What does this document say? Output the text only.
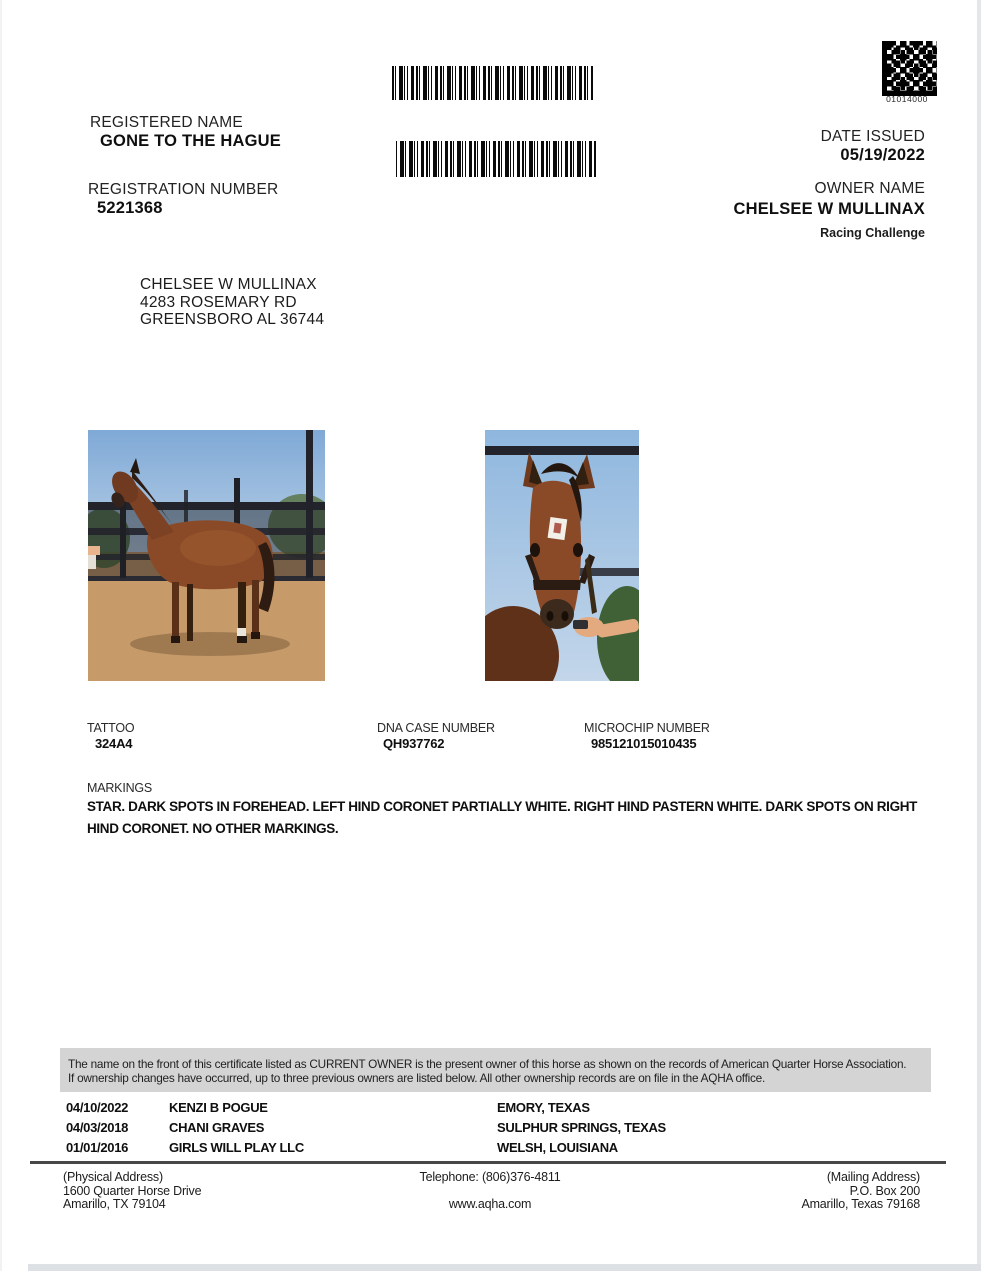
01014000
REGISTERED NAME
GONE TO THE HAGUE
REGISTRATION NUMBER
5221368
DATE ISSUED
05/19/2022
OWNER NAME
CHELSEE W MULLINAX
Racing Challenge
CHELSEE W MULLINAX
4283 ROSEMARY RD
GREENSBORO AL 36744
TATTOO
324A4
DNA CASE NUMBER
QH937762
MICROCHIP NUMBER
985121015010435
MARKINGS
STAR. DARK SPOTS IN FOREHEAD. LEFT HIND CORONET PARTIALLY WHITE. RIGHT HIND PASTERN WHITE. DARK SPOTS ON RIGHT
HIND CORONET. NO OTHER MARKINGS.
The name on the front of this certificate listed as CURRENT OWNER is the present owner of this horse as shown on the records of American Quarter Horse Association.
If ownership changes have occurred, up to three previous owners are listed below. All other ownership records are on file in the AQHA office.
04/10/2022	KENZI B POGUE	EMORY, TEXAS
04/03/2018	CHANI GRAVES	SULPHUR SPRINGS, TEXAS
01/01/2016	GIRLS WILL PLAY LLC	WELSH, LOUISIANA
(Physical Address)
1600 Quarter Horse Drive
Amarillo, TX 79104
Telephone: (806)376-4811
www.aqha.com
(Mailing Address)
P.O. Box 200
Amarillo, Texas 79168
